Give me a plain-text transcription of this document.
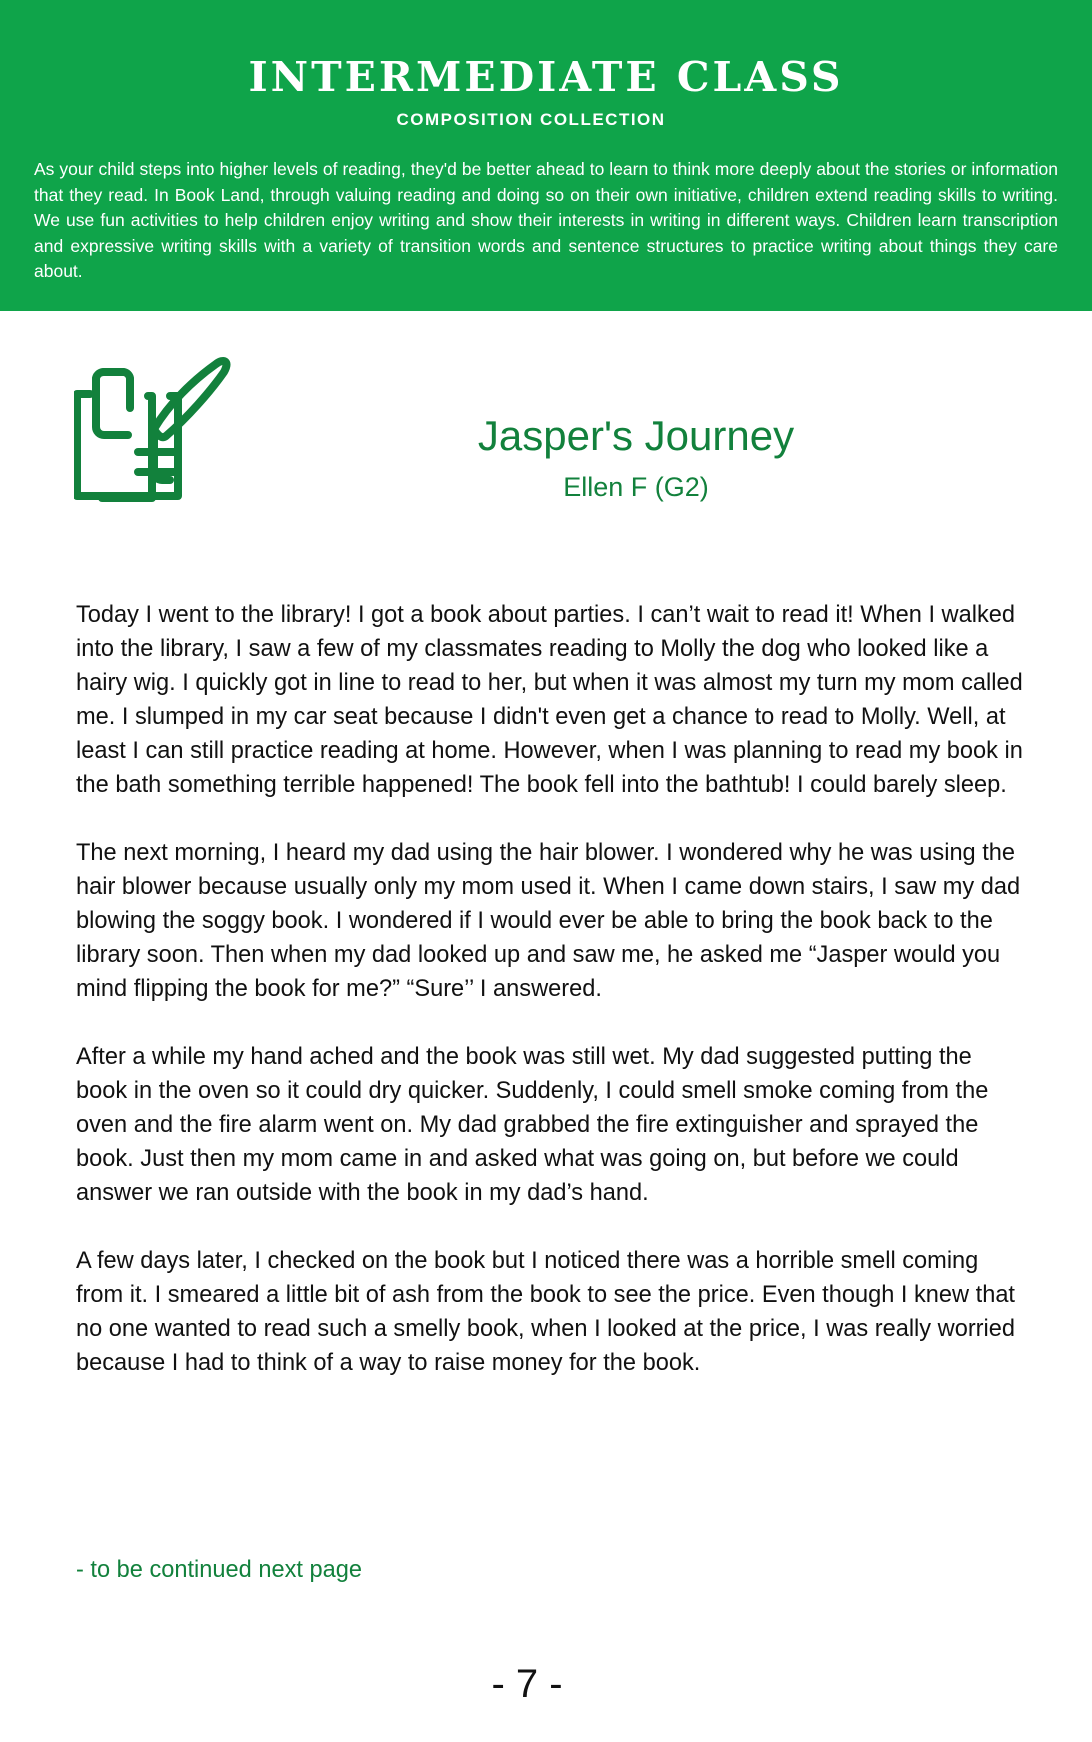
INTERMEDIATE CLASS
COMPOSITION COLLECTION

As your child steps into higher levels of reading, they'd be better ahead to learn to think more deeply about the stories or information that they read. In Book Land, through valuing reading and doing so on their own initiative, children extend reading skills to writing. We use fun activities to help children enjoy writing and show their interests in writing in different ways. Children learn transcription and expressive writing skills with a variety of transition words and sentence structures to practice writing about things they care about.

Jasper's Journey
Ellen F (G2)

Today I went to the library! I got a book about parties. I can’t wait to read it! When I walked into the library, I saw a few of my classmates reading to Molly the dog who looked like a hairy wig. I quickly got in line to read to her, but when it was almost my turn my mom called me. I slumped in my car seat because I didn't even get a chance to read to Molly. Well, at least I can still practice reading at home. However, when I was planning to read my book in the bath something terrible happened! The book fell into the bathtub! I could barely sleep.

The next morning, I heard my dad using the hair blower. I wondered why he was using the hair blower because usually only my mom used it. When I came down stairs, I saw my dad blowing the soggy book. I wondered if I would ever be able to bring the book back to the library soon. Then when my dad looked up and saw me, he asked me “Jasper would you mind flipping the book for me?” “Sure’’ I answered.

After a while my hand ached and the book was still wet. My dad suggested putting the book in the oven so it could dry quicker. Suddenly, I could smell smoke coming from the oven and the fire alarm went on. My dad grabbed the fire extinguisher and sprayed the book. Just then my mom came in and asked what was going on, but before we could answer we ran outside with the book in my dad’s hand.

A few days later, I checked on the book but I noticed there was a horrible smell coming from it. I smeared a little bit of ash from the book to see the price. Even though I knew that no one wanted to read such a smelly book, when I looked at the price, I was really worried because I had to think of a way to raise money for the book.

- to be continued next page
- 7 -
